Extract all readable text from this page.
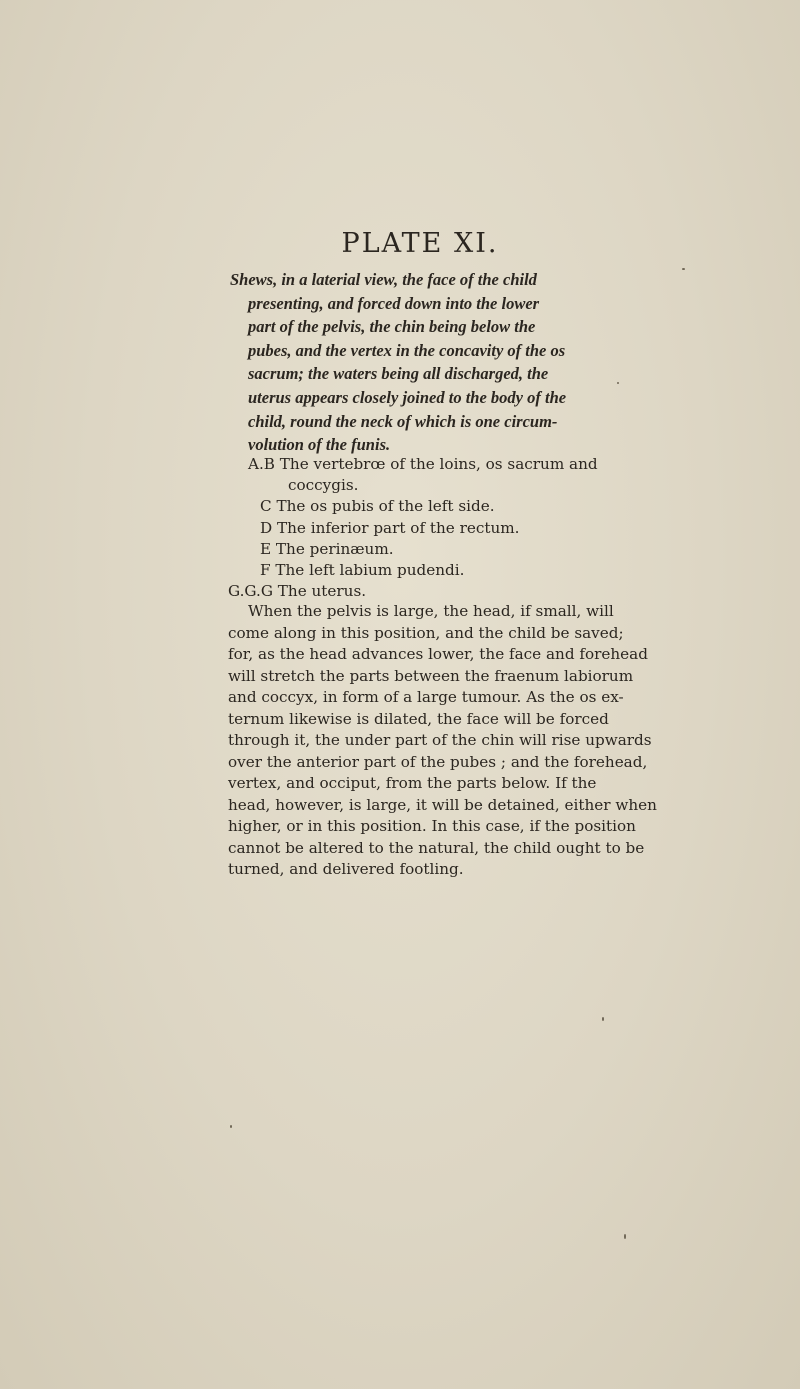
PLATE XI.
Shews, in a laterial view, the face of the child
presenting, and forced down into the lower
part of the pelvis, the chin being below the
pubes, and the vertex in the concavity of the os
sacrum; the waters being all discharged, the
uterus appears closely joined to the body of the
child, round the neck of which is one circum-
volution of the funis.
A.B The vertebrœ of the loins, os sacrum and
coccygis.
C The os pubis of the left side.
D The inferior part of the rectum.
E The perinæum.
F The left labium pudendi.
G.G.G The uterus.
When the pelvis is large, the head, if small, will
come along in this position, and the child be saved;
for, as the head advances lower, the face and forehead
will stretch the parts between the fraenum labiorum
and coccyx, in form of a large tumour. As the os ex-
ternum likewise is dilated, the face will be forced
through it, the under part of the chin will rise upwards
over the anterior part of the pubes ; and the forehead,
vertex, and occiput, from the parts below. If the
head, however, is large, it will be detained, either when
higher, or in this position. In this case, if the position
cannot be altered to the natural, the child ought to be
turned, and delivered footling.
